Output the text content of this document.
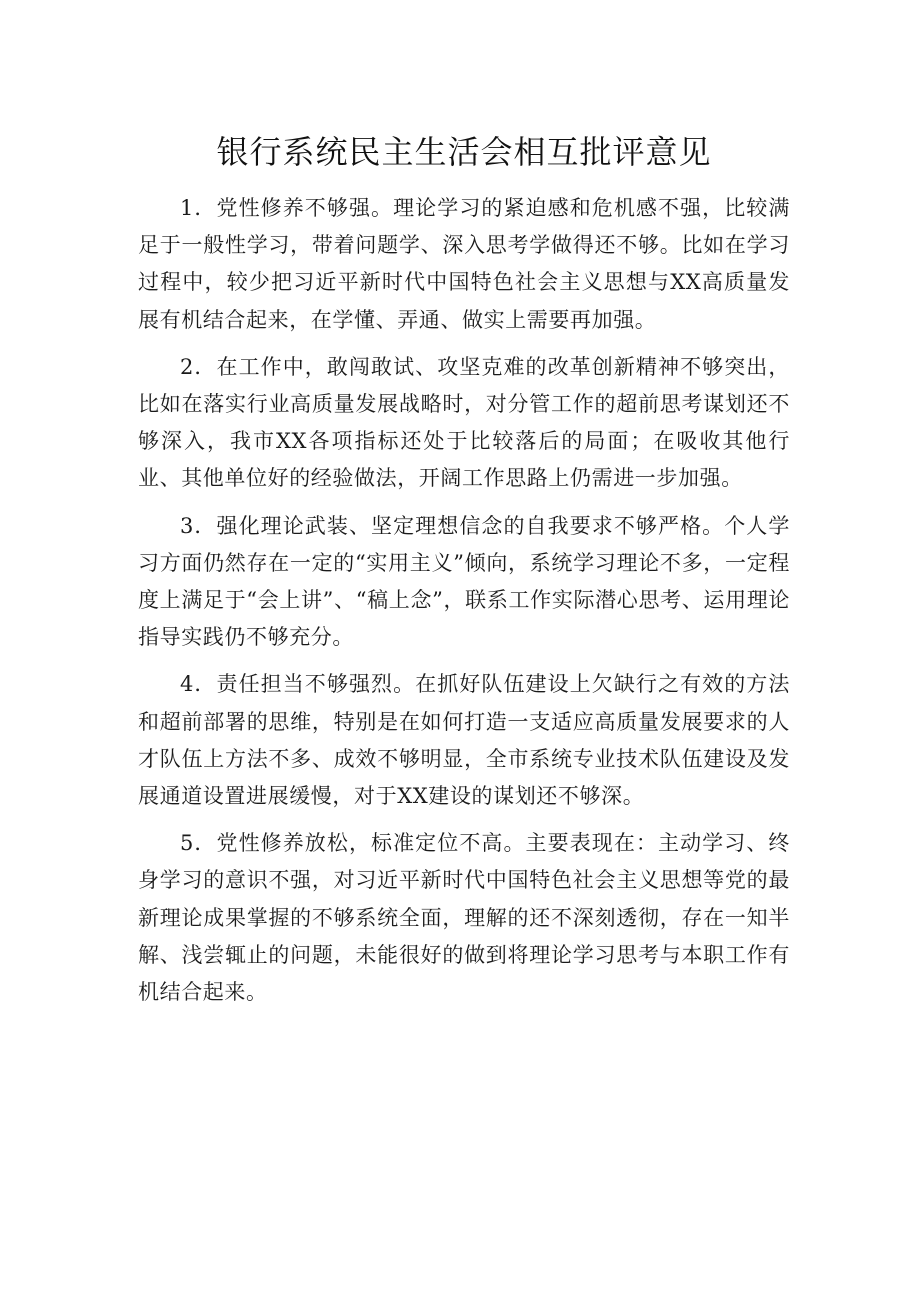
银行系统民主生活会相互批评意见

1．党性修养不够强。理论学习的紧迫感和危机感不强，比较满足于一般性学习，带着问题学、深入思考学做得还不够。比如在学习过程中，较少把习近平新时代中国特色社会主义思想与XX高质量发展有机结合起来，在学懂、弄通、做实上需要再加强。

2．在工作中，敢闯敢试、攻坚克难的改革创新精神不够突出，比如在落实行业高质量发展战略时，对分管工作的超前思考谋划还不够深入，我市XX各项指标还处于比较落后的局面；在吸收其他行业、其他单位好的经验做法，开阔工作思路上仍需进一步加强。

3．强化理论武装、坚定理想信念的自我要求不够严格。个人学习方面仍然存在一定的“实用主义”倾向，系统学习理论不多，一定程度上满足于“会上讲”、“稿上念”，联系工作实际潜心思考、运用理论指导实践仍不够充分。

4．责任担当不够强烈。在抓好队伍建设上欠缺行之有效的方法和超前部署的思维，特别是在如何打造一支适应高质量发展要求的人才队伍上方法不多、成效不够明显，全市系统专业技术队伍建设及发展通道设置进展缓慢，对于XX建设的谋划还不够深。

5．党性修养放松，标准定位不高。主要表现在：主动学习、终身学习的意识不强，对习近平新时代中国特色社会主义思想等党的最新理论成果掌握的不够系统全面，理解的还不深刻透彻，存在一知半解、浅尝辄止的问题，未能很好的做到将理论学习思考与本职工作有机结合起来。
